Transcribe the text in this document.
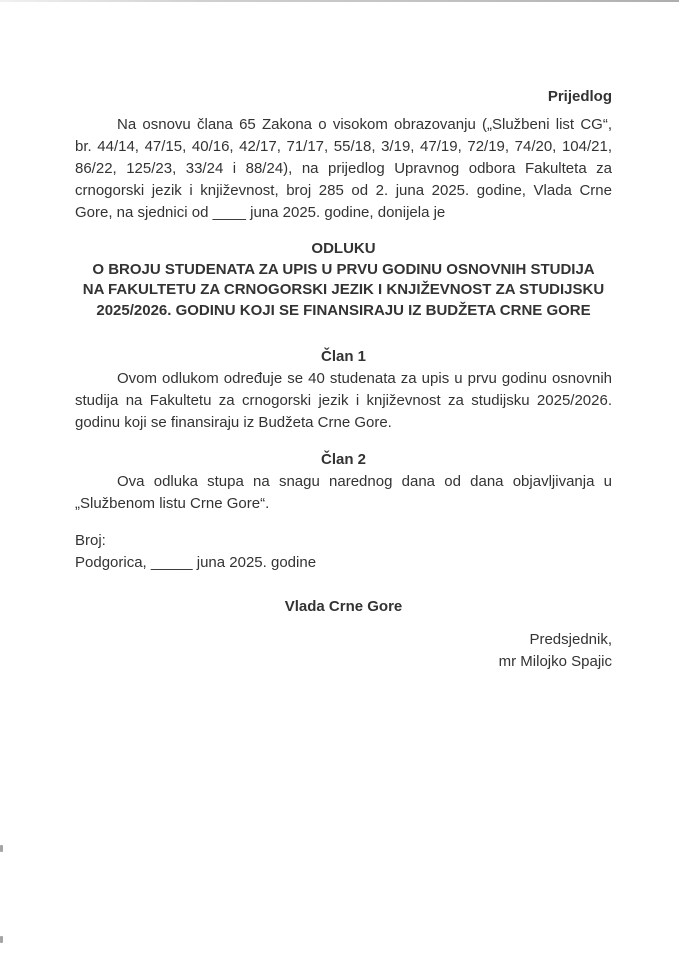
Prijedlog

Na osnovu člana 65 Zakona o visokom obrazovanju („Službeni list CG“, br. 44/14, 47/15, 40/16, 42/17, 71/17, 55/18, 3/19, 47/19, 72/19, 74/20, 104/21, 86/22, 125/23, 33/24 i 88/24), na prijedlog Upravnog odbora Fakulteta za crnogorski jezik i književnost, broj 285 od 2. juna 2025. godine, Vlada Crne Gore, na sjednici od ____ juna 2025. godine, donijela je

ODLUKU
O BROJU STUDENATA ZA UPIS U PRVU GODINU OSNOVNIH STUDIJA
NA FAKULTETU ZA CRNOGORSKI JEZIK I KNJIŽEVNOST ZA STUDIJSKU
2025/2026. GODINU KOJI SE FINANSIRAJU IZ BUDŽETA CRNE GORE
Član 1

Ovom odlukom određuje se 40 studenata za upis u prvu godinu osnovnih studija na Fakultetu za crnogorski jezik i književnost za studijsku 2025/2026. godinu koji se finansiraju iz Budžeta Crne Gore.

Član 2

Ova odluka stupa na snagu narednog dana od dana objavljivanja u „Službenom listu Crne Gore“.

Broj:
Podgorica, _____ juna 2025. godine
Vlada Crne Gore
Predsjednik,
mr Milojko Spajic
